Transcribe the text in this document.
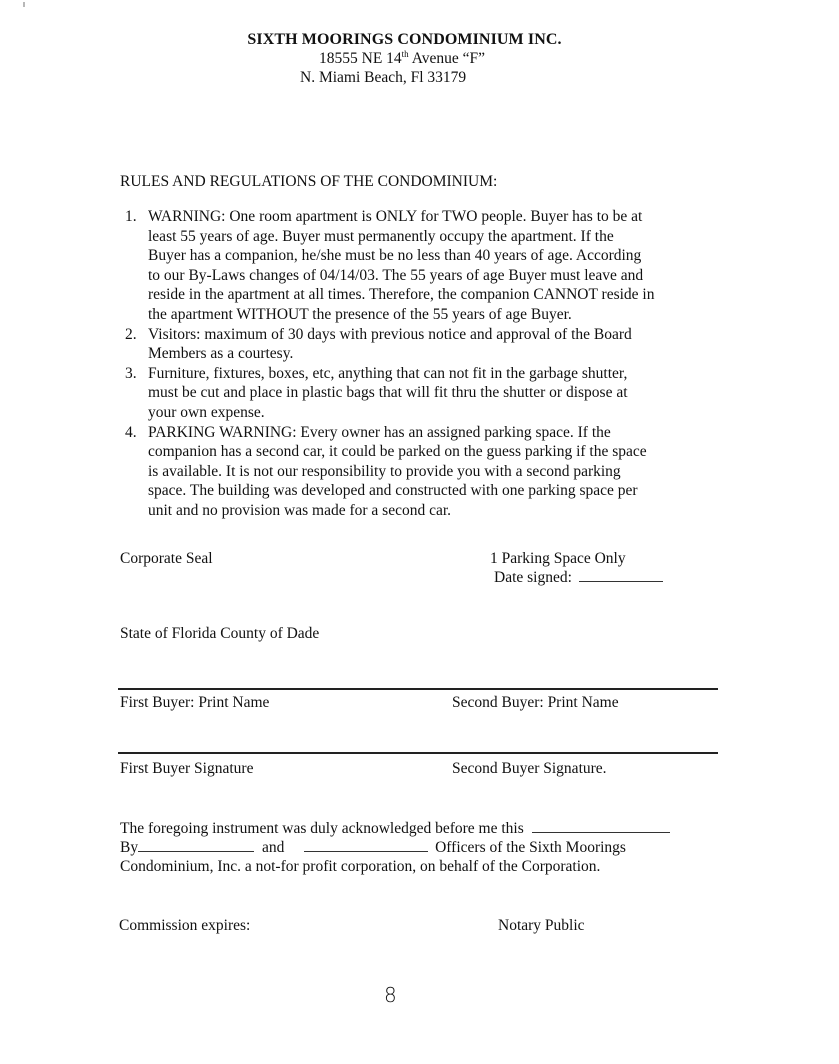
SIXTH MOORINGS CONDOMINIUM INC.
18555 NE 14th Avenue “F”
N. Miami Beach, Fl 33179
RULES AND REGULATIONS OF THE CONDOMINIUM:
1. WARNING: One room apartment is ONLY for TWO people. Buyer has to be at
least 55 years of age. Buyer must permanently occupy the apartment. If the
Buyer has a companion, he/she must be no less than 40 years of age. According
to our By-Laws changes of 04/14/03. The 55 years of age Buyer must leave and
reside in the apartment at all times. Therefore, the companion CANNOT reside in
the apartment WITHOUT the presence of the 55 years of age Buyer.
2. Visitors: maximum of 30 days with previous notice and approval of the Board
Members as a courtesy.
3. Furniture, fixtures, boxes, etc, anything that can not fit in the garbage shutter,
must be cut and place in plastic bags that will fit thru the shutter or dispose at
your own expense.
4. PARKING WARNING: Every owner has an assigned parking space. If the
companion has a second car, it could be parked on the guess parking if the space
is available. It is not our responsibility to provide you with a second parking
space. The building was developed and constructed with one parking space per
unit and no provision was made for a second car.
Corporate Seal	1 Parking Space Only
Date signed:
State of Florida County of Dade
First Buyer: Print Name	Second Buyer: Print Name
First Buyer Signature	Second Buyer Signature.
The foregoing instrument was duly acknowledged before me this
By	and	Officers of the Sixth Moorings
Condominium, Inc. a not-for profit corporation, on behalf of the Corporation.
Commission expires:	Notary Public
8
